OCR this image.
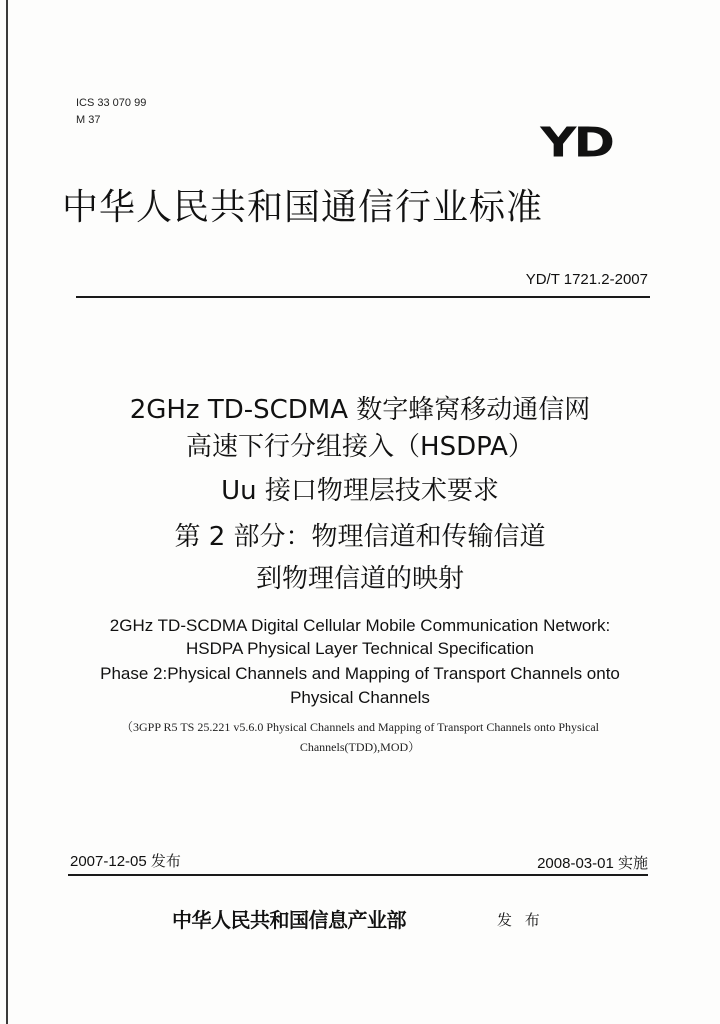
ICS 33 070 99
M 37	YD
中华人民共和国通信行业标准
YD/T 1721.2-2007
2GHz TD-SCDMA 数字蜂窝移动通信网
高速下行分组接入（HSDPA）
Uu 接口物理层技术要求
第 2 部分：物理信道和传输信道
到物理信道的映射
2GHz TD-SCDMA Digital Cellular Mobile Communication Network:
HSDPA Physical Layer Technical Specification
Phase 2:Physical Channels and Mapping of Transport Channels onto
Physical Channels
（3GPP R5 TS 25.221 v5.6.0 Physical Channels and Mapping of Transport Channels onto Physical
Channels(TDD),MOD）
2007-12-05 发布	2008-03-01 实施
中华人民共和国信息产业部	发 布
